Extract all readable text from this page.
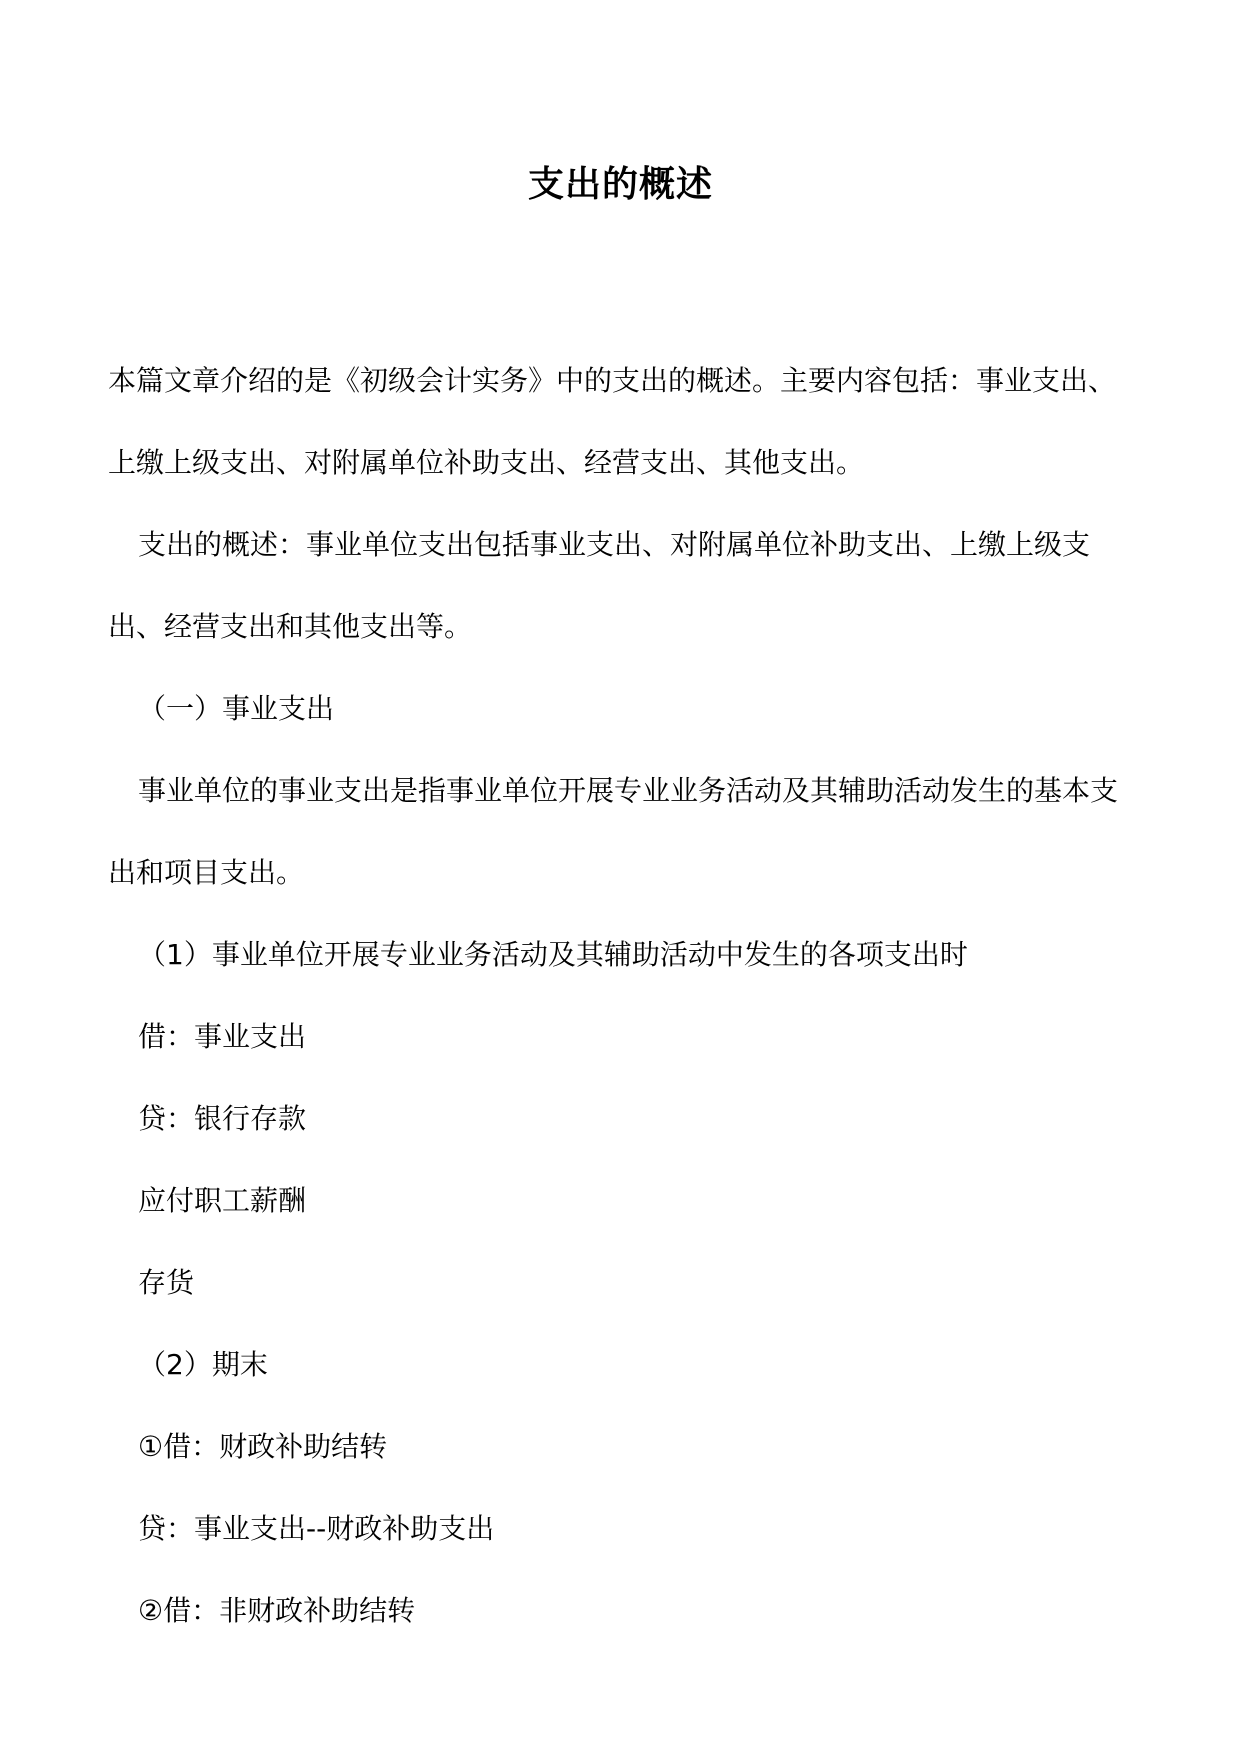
支出的概述

本篇文章介绍的是《初级会计实务》中的支出的概述。主要内容包括：事业支出、上缴上级支出、对附属单位补助支出、经营支出、其他支出。

支出的概述：事业单位支出包括事业支出、对附属单位补助支出、上缴上级支出、经营支出和其他支出等。

（一）事业支出

事业单位的事业支出是指事业单位开展专业业务活动及其辅助活动发生的基本支出和项目支出。

（1）事业单位开展专业业务活动及其辅助活动中发生的各项支出时

借：事业支出

贷：银行存款

应付职工薪酬

存货

（2）期末

①借：财政补助结转

贷：事业支出--财政补助支出

②借：非财政补助结转
